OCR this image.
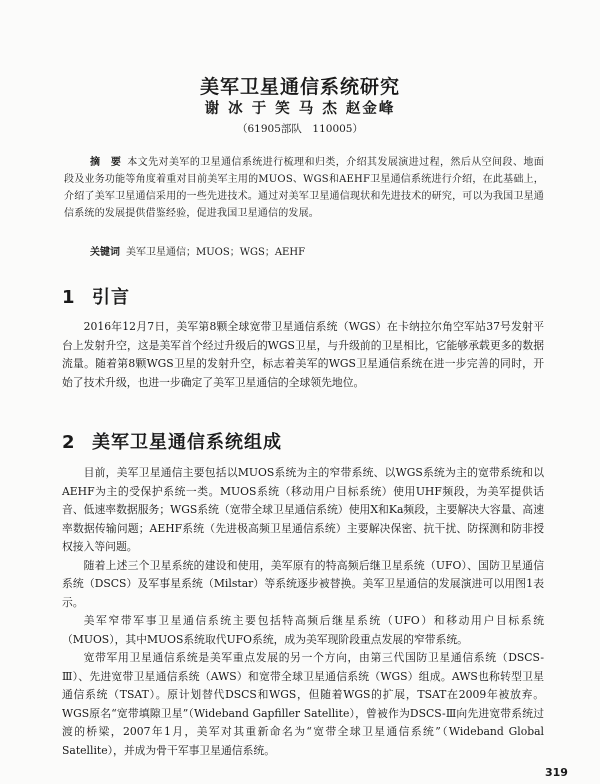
美军卫星通信系统研究
谢 冰 于 笑 马 杰 赵金峰
（61905部队　110005）
摘　要 本文先对美军的卫星通信系统进行梳理和归类，介绍其发展演进过程，然后从空间段、地面段及业务功能等角度着重对目前美军主用的MUOS、WGS和AEHF卫星通信系统进行介绍，在此基础上，介绍了美军卫星通信采用的一些先进技术。通过对美军卫星通信现状和先进技术的研究，可以为我国卫星通信系统的发展提供借鉴经验，促进我国卫星通信的发展。
关键词 美军卫星通信；MUOS；WGS；AEHF
1 引言

2016年12月7日，美军第8颗全球宽带卫星通信系统（WGS）在卡纳拉尔角空军站37号发射平台上发射升空，这是美军首个经过升级后的WGS卫星，与升级前的卫星相比，它能够承载更多的数据流量。随着第8颗WGS卫星的发射升空，标志着美军的WGS卫星通信系统在进一步完善的同时，开始了技术升级，也进一步确定了美军卫星通信的全球领先地位。

2 美军卫星通信系统组成

目前，美军卫星通信主要包括以MUOS系统为主的窄带系统、以WGS系统为主的宽带系统和以AEHF为主的受保护系统一类。MUOS系统（移动用户目标系统）使用UHF频段，为美军提供话音、低速率数据服务；WGS系统（宽带全球卫星通信系统）使用X和Ka频段，主要解决大容量、高速率数据传输问题；AEHF系统（先进极高频卫星通信系统）主要解决保密、抗干扰、防探测和防非授权接入等问题。

随着上述三个卫星系统的建设和使用，美军原有的特高频后继卫星系统（UFO）、国防卫星通信系统（DSCS）及军事星系统（Milstar）等系统逐步被替换。美军卫星通信的发展演进可以用图1表示。

美军窄带军事卫星通信系统主要包括特高频后继星系统（UFO）和移动用户目标系统（MUOS），其中MUOS系统取代UFO系统，成为美军现阶段重点发展的窄带系统。

宽带军用卫星通信系统是美军重点发展的另一个方向，由第三代国防卫星通信系统（DSCS-Ⅲ）、先进宽带卫星通信系统（AWS）和宽带全球卫星通信系统（WGS）组成。AWS也称转型卫星通信系统（TSAT）。原计划替代DSCS和WGS，但随着WGS的扩展，TSAT在2009年被放弃。WGS原名“宽带填隙卫星”（Wideband Gapfiller Satellite），曾被作为DSCS-Ⅲ向先进宽带系统过渡的桥梁，2007年1月，美军对其重新命名为“宽带全球卫星通信系统”（Wideband Global Satellite），并成为骨干军事卫星通信系统。

319
